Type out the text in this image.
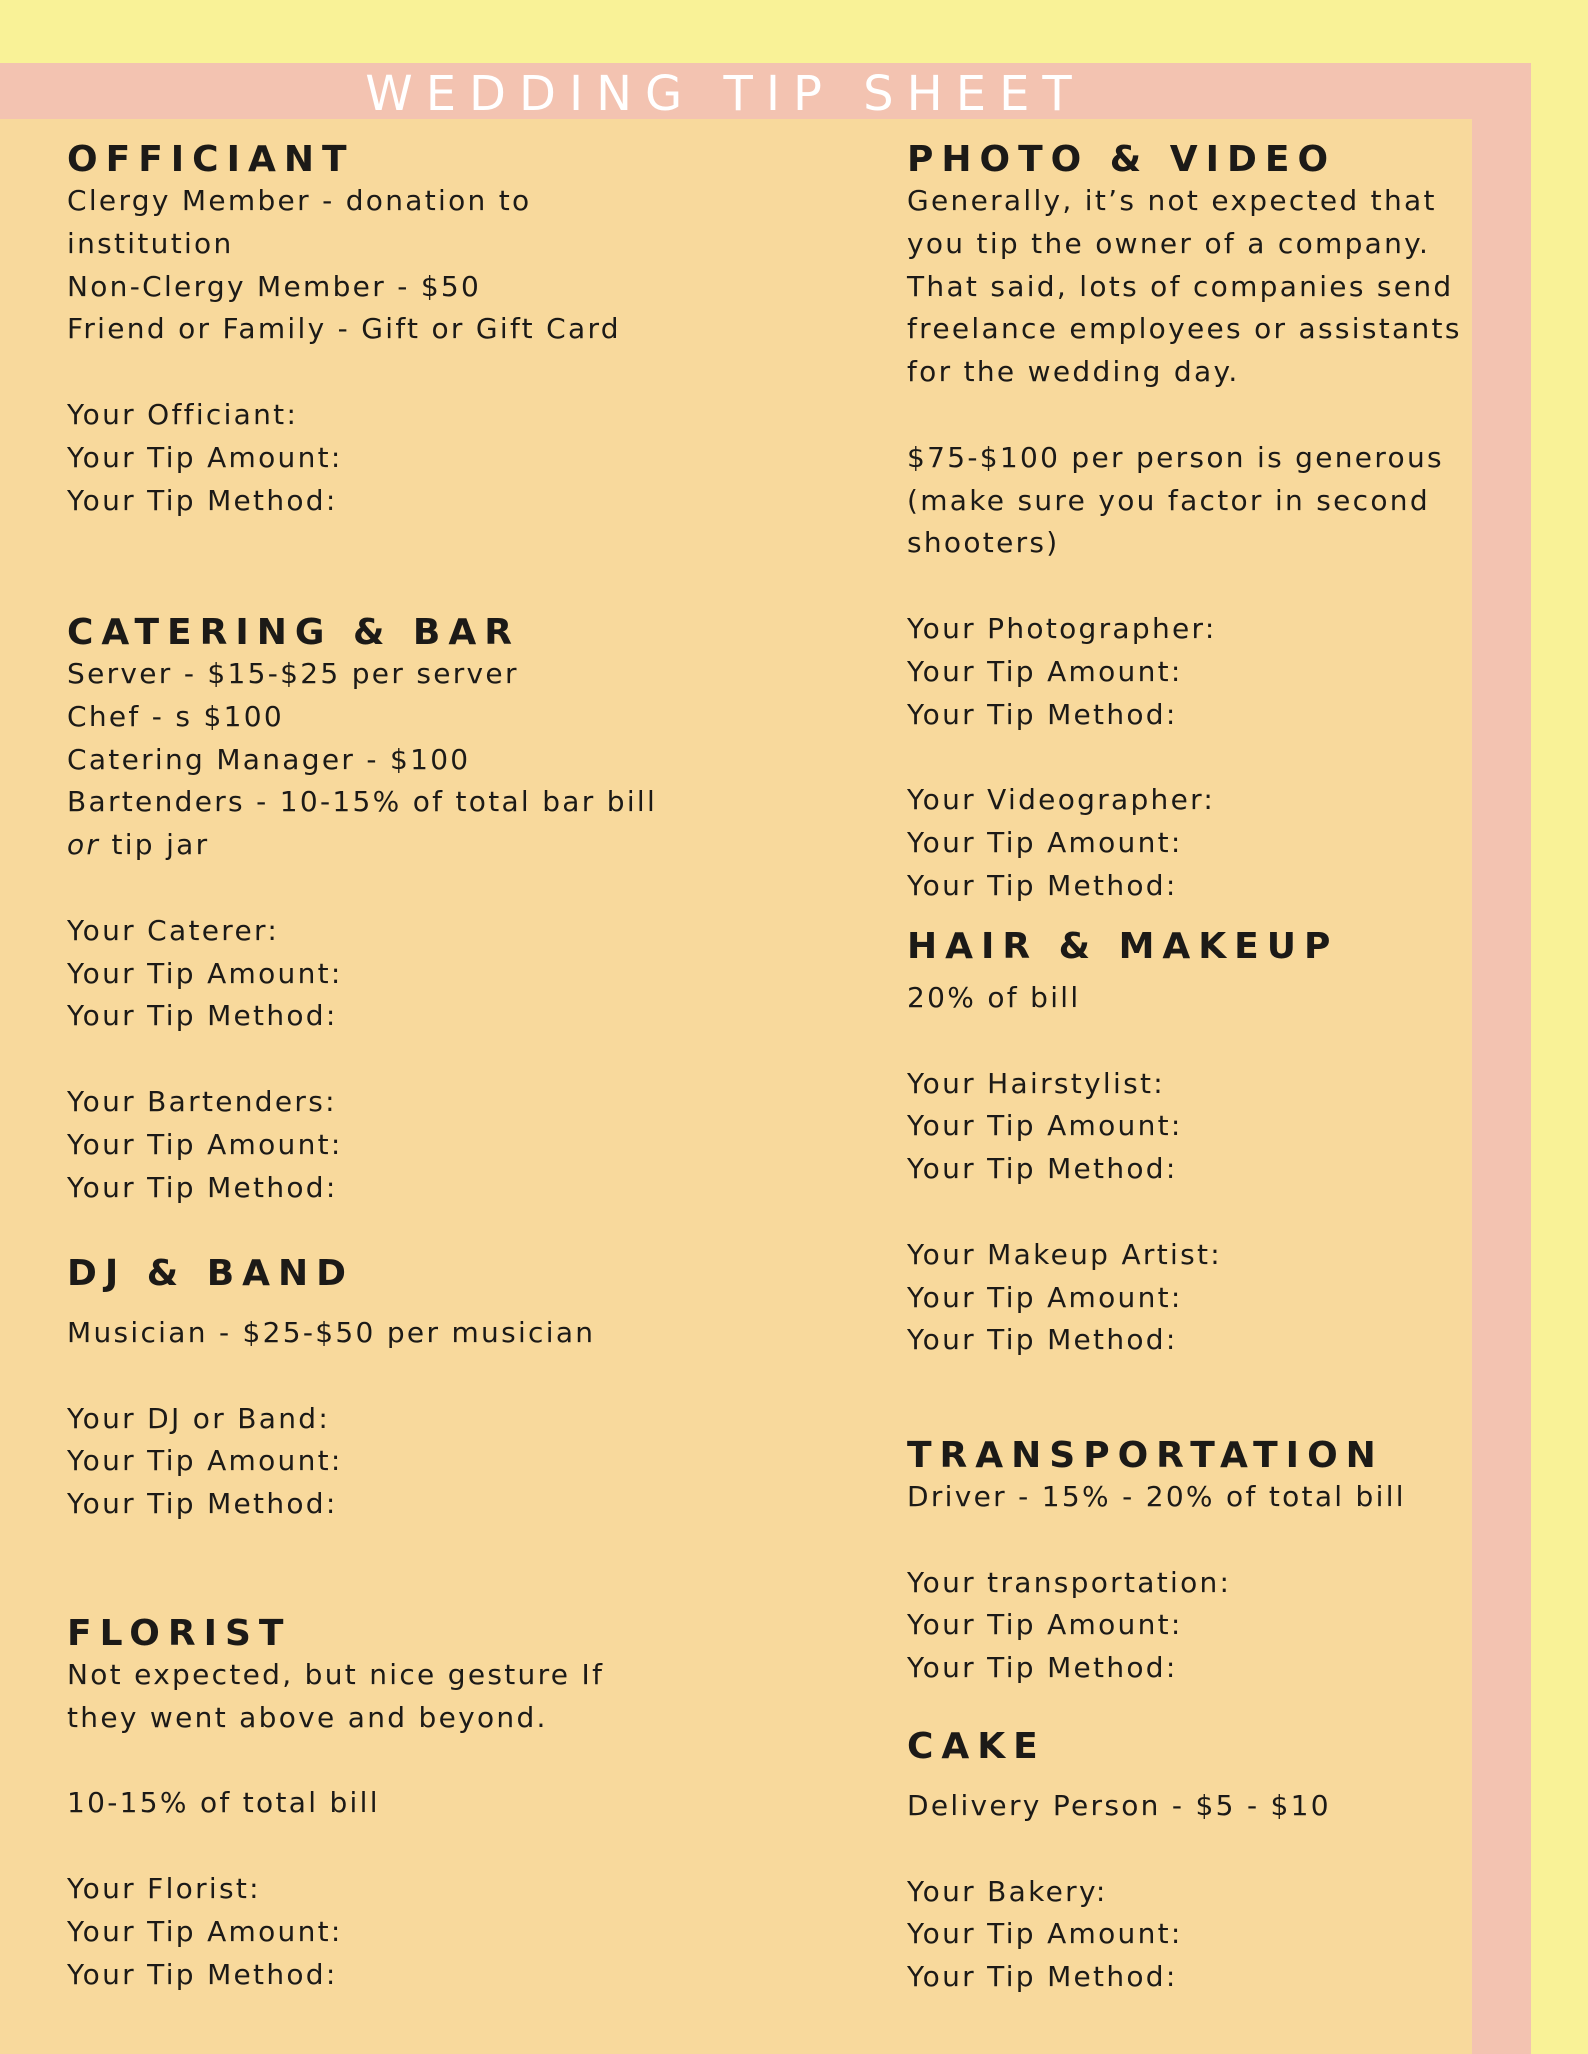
WEDDING TIP SHEET
OFFICIANT
Clergy Member - donation to
institution
Non-Clergy Member - $50
Friend or Family - Gift or Gift Card
Your Officiant:
Your Tip Amount:
Your Tip Method:
CATERING & BAR
Server - $15-$25 per server
Chef - s $100
Catering Manager - $100
Bartenders - 10-15% of total bar bill
or tip jar
Your Caterer:
Your Tip Amount:
Your Tip Method:
Your Bartenders:
Your Tip Amount:
Your Tip Method:
DJ & BAND
Musician - $25-$50 per musician
Your DJ or Band:
Your Tip Amount:
Your Tip Method:
FLORIST
Not expected, but nice gesture If
they went above and beyond.
10-15% of total bill
Your Florist:
Your Tip Amount:
Your Tip Method:
PHOTO & VIDEO
Generally, it’s not expected that
you tip the owner of a company.
That said, lots of companies send
freelance employees or assistants
for the wedding day.
$75-$100 per person is generous
(make sure you factor in second
shooters)
Your Photographer:
Your Tip Amount:
Your Tip Method:
Your Videographer:
Your Tip Amount:
Your Tip Method:
HAIR & MAKEUP
20% of bill
Your Hairstylist:
Your Tip Amount:
Your Tip Method:
Your Makeup Artist:
Your Tip Amount:
Your Tip Method:
TRANSPORTATION
Driver - 15% - 20% of total bill
Your transportation:
Your Tip Amount:
Your Tip Method:
CAKE
Delivery Person - $5 - $10
Your Bakery:
Your Tip Amount:
Your Tip Method:
